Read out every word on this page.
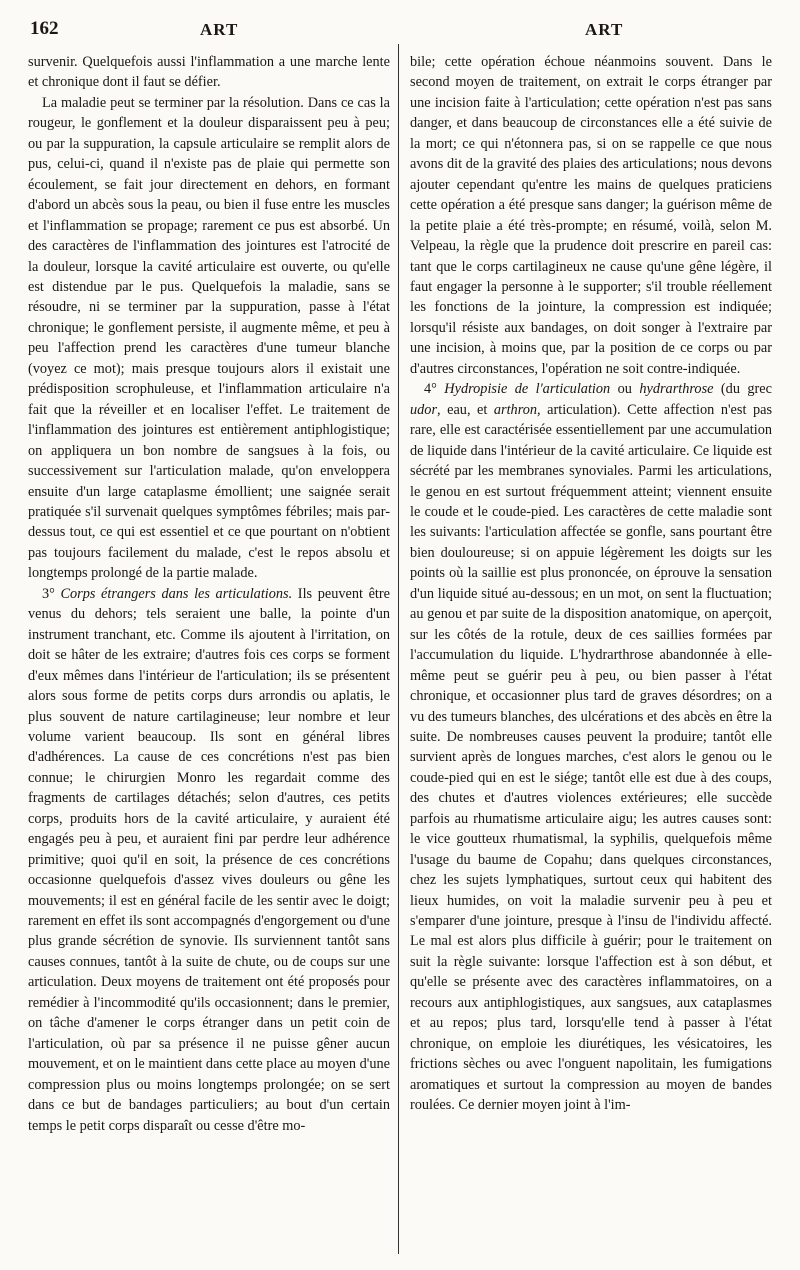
162	ART	ART

survenir. Quelquefois aussi l'inflammation a une marche lente et chronique dont il faut se défier.

La maladie peut se terminer par la résolution. Dans ce cas la rougeur, le gonflement et la douleur disparaissent peu à peu; ou par la suppuration, la capsule articulaire se remplit alors de pus, celui-ci, quand il n'existe pas de plaie qui permette son écoulement, se fait jour directement en dehors, en formant d'abord un abcès sous la peau, ou bien il fuse entre les muscles et l'inflammation se propage; rarement ce pus est absorbé. Un des caractères de l'inflammation des jointures est l'atrocité de la douleur, lorsque la cavité articulaire est ouverte, ou qu'elle est distendue par le pus. Quelquefois la maladie, sans se résoudre, ni se terminer par la suppuration, passe à l'état chronique; le gonflement persiste, il augmente même, et peu à peu l'affection prend les caractères d'une tumeur blanche (voyez ce mot); mais presque toujours alors il existait une prédisposition scrophuleuse, et l'inflammation articulaire n'a fait que la réveiller et en localiser l'effet. Le traitement de l'inflammation des jointures est entièrement antiphlogistique; on appliquera un bon nombre de sangsues à la fois, ou successivement sur l'articulation malade, qu'on enveloppera ensuite d'un large cataplasme émollient; une saignée serait pratiquée s'il survenait quelques symptômes fébriles; mais par-dessus tout, ce qui est essentiel et ce que pourtant on n'obtient pas toujours facilement du malade, c'est le repos absolu et longtemps prolongé de la partie malade.

3° Corps étrangers dans les articulations. Ils peuvent être venus du dehors; tels seraient une balle, la pointe d'un instrument tranchant, etc. Comme ils ajoutent à l'irritation, on doit se hâter de les extraire; d'autres fois ces corps se forment d'eux mêmes dans l'intérieur de l'articulation; ils se présentent alors sous forme de petits corps durs arrondis ou aplatis, le plus souvent de nature cartilagineuse; leur nombre et leur volume varient beaucoup. Ils sont en général libres d'adhérences. La cause de ces concrétions n'est pas bien connue; le chirurgien Monro les regardait comme des fragments de cartilages détachés; selon d'autres, ces petits corps, produits hors de la cavité articulaire, y auraient été engagés peu à peu, et auraient fini par perdre leur adhérence primitive; quoi qu'il en soit, la présence de ces concrétions occasionne quelquefois d'assez vives douleurs ou gêne les mouvements; il est en général facile de les sentir avec le doigt; rarement en effet ils sont accompagnés d'engorgement ou d'une plus grande sécrétion de synovie. Ils surviennent tantôt sans causes connues, tantôt à la suite de chute, ou de coups sur une articulation. Deux moyens de traitement ont été proposés pour remédier à l'incommodité qu'ils occasionnent; dans le premier, on tâche d'amener le corps étranger dans un petit coin de l'articulation, où par sa présence il ne puisse gêner aucun mouvement, et on le maintient dans cette place au moyen d'une compression plus ou moins longtemps prolongée; on se sert dans ce but de bandages particuliers; au bout d'un certain temps le petit corps disparaît ou cesse d'être mo-

bile; cette opération échoue néanmoins souvent. Dans le second moyen de traitement, on extrait le corps étranger par une incision faite à l'articulation; cette opération n'est pas sans danger, et dans beaucoup de circonstances elle a été suivie de la mort; ce qui n'étonnera pas, si on se rappelle ce que nous avons dit de la gravité des plaies des articulations; nous devons ajouter cependant qu'entre les mains de quelques praticiens cette opération a été presque sans danger; la guérison même de la petite plaie a été très-prompte; en résumé, voilà, selon M. Velpeau, la règle que la prudence doit prescrire en pareil cas: tant que le corps cartilagineux ne cause qu'une gêne légère, il faut engager la personne à le supporter; s'il trouble réellement les fonctions de la jointure, la compression est indiquée; lorsqu'il résiste aux bandages, on doit songer à l'extraire par une incision, à moins que, par la position de ce corps ou par d'autres circonstances, l'opération ne soit contre-indiquée.

4° Hydropisie de l'articulation ou hydrarthrose (du grec udor, eau, et arthron, articulation). Cette affection n'est pas rare, elle est caractérisée essentiellement par une accumulation de liquide dans l'intérieur de la cavité articulaire. Ce liquide est sécrété par les membranes synoviales. Parmi les articulations, le genou en est surtout fréquemment atteint; viennent ensuite le coude et le coude-pied. Les caractères de cette maladie sont les suivants: l'articulation affectée se gonfle, sans pourtant être bien douloureuse; si on appuie légèrement les doigts sur les points où la saillie est plus prononcée, on éprouve la sensation d'un liquide situé au-dessous; en un mot, on sent la fluctuation; au genou et par suite de la disposition anatomique, on aperçoit, sur les côtés de la rotule, deux de ces saillies formées par l'accumulation du liquide. L'hydrarthrose abandonnée à elle-même peut se guérir peu à peu, ou bien passer à l'état chronique, et occasionner plus tard de graves désordres; on a vu des tumeurs blanches, des ulcérations et des abcès en être la suite. De nombreuses causes peuvent la produire; tantôt elle survient après de longues marches, c'est alors le genou ou le coude-pied qui en est le siége; tantôt elle est due à des coups, des chutes et d'autres violences extérieures; elle succède parfois au rhumatisme articulaire aigu; les autres causes sont: le vice goutteux rhumatismal, la syphilis, quelquefois même l'usage du baume de Copahu; dans quelques circonstances, chez les sujets lymphatiques, surtout ceux qui habitent des lieux humides, on voit la maladie survenir peu à peu et s'emparer d'une jointure, presque à l'insu de l'individu affecté. Le mal est alors plus difficile à guérir; pour le traitement on suit la règle suivante: lorsque l'affection est à son début, et qu'elle se présente avec des caractères inflammatoires, on a recours aux antiphlogistiques, aux sangsues, aux cataplasmes et au repos; plus tard, lorsqu'elle tend à passer à l'état chronique, on emploie les diurétiques, les vésicatoires, les frictions sèches ou avec l'onguent napolitain, les fumigations aromatiques et surtout la compression au moyen de bandes roulées. Ce dernier moyen joint à l'im-
